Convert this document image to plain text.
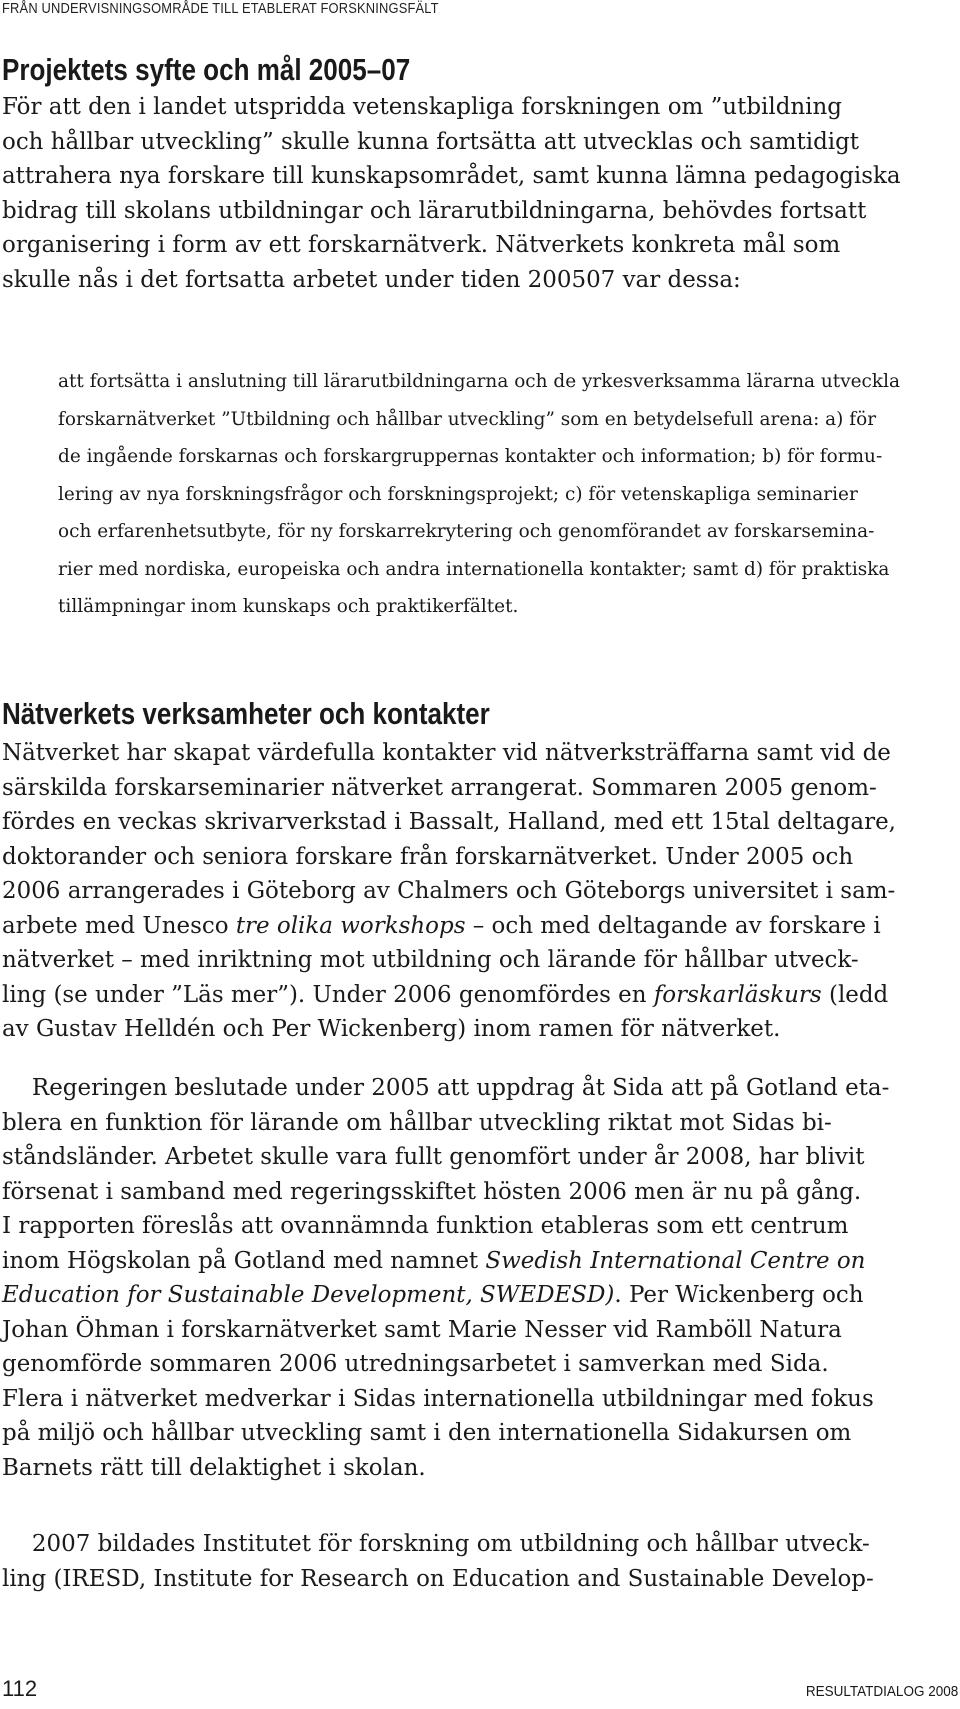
FRÅN UNDERVISNINGSOMRÅDE TILL ETABLERAT FORSKNINGSFÄLT
Projektets syfte och mål 2005–07
För att den i landet utspridda vetenskapliga forskningen om ”utbildning
och hållbar utveckling” skulle kunna fortsätta att utvecklas och samtidigt
attrahera nya forskare till kunskapsområdet, samt kunna lämna pedagogiska
bidrag till skolans utbildningar och lärarutbildningarna, behövdes fortsatt
organisering i form av ett forskarnätverk. Nätverkets konkreta mål som
skulle nås i det fortsatta arbetet under tiden 200507 var dessa:
att fortsätta i anslutning till lärarutbildningarna och de yrkesverksamma lärarna utveckla
forskarnätverket ”Utbildning och hållbar utveckling” som en betydelsefull arena: a) för
de ingående forskarnas och forskargruppernas kontakter och information; b) för formu-
lering av nya forskningsfrågor och forskningsprojekt; c) för vetenskapliga seminarier
och erfarenhetsutbyte, för ny forskarrekrytering och genomförandet av forskarsemina-
rier med nordiska, europeiska och andra internationella kontakter; samt d) för praktiska
tillämpningar inom kunskaps och praktikerfältet.
Nätverkets verksamheter och kontakter
Nätverket har skapat värdefulla kontakter vid nätverksträffarna samt vid de
särskilda forskarseminarier nätverket arrangerat. Sommaren 2005 genom-
fördes en veckas skrivarverkstad i Bassalt, Halland, med ett 15tal deltagare,
doktorander och seniora forskare från forskarnätverket. Under 2005 och
2006 arrangerades i Göteborg av Chalmers och Göteborgs universitet i sam-
arbete med Unesco tre olika workshops – och med deltagande av forskare i
nätverket – med inriktning mot utbildning och lärande för hållbar utveck-
ling (se under ”Läs mer”). Under 2006 genomfördes en forskarläskurs (ledd
av Gustav Helldén och Per Wickenberg) inom ramen för nätverket.
Regeringen beslutade under 2005 att uppdrag åt Sida att på Gotland eta-
blera en funktion för lärande om hållbar utveckling riktat mot Sidas bi-
ståndsländer. Arbetet skulle vara fullt genomfört under år 2008, har blivit
försenat i samband med regeringsskiftet hösten 2006 men är nu på gång.
I rapporten föreslås att ovannämnda funktion etableras som ett centrum
inom Högskolan på Gotland med namnet Swedish International Centre on
Education for Sustainable Development, SWEDESD). Per Wickenberg och
Johan Öhman i forskarnätverket samt Marie Nesser vid Ramböll Natura
genomförde sommaren 2006 utredningsarbetet i samverkan med Sida.
Flera i nätverket medverkar i Sidas internationella utbildningar med fokus
på miljö och hållbar utveckling samt i den internationella Sidakursen om
Barnets rätt till delaktighet i skolan.
2007 bildades Institutet för forskning om utbildning och hållbar utveck-
ling (IRESD, Institute for Research on Education and Sustainable Develop-
112	RESULTATDIALOG 2008
